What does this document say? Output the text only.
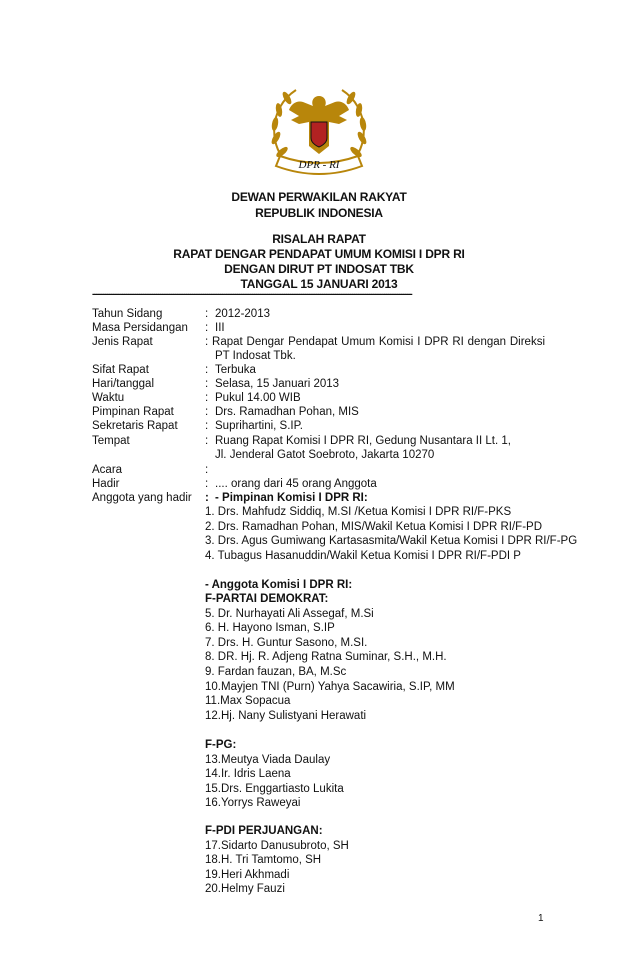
DPR - RI
DEWAN PERWAKILAN RAKYAT
REPUBLIK INDONESIA
RISALAH RAPAT
RAPAT DENGAR PENDAPAT UMUM KOMISI I DPR RI
DENGAN DIRUT PT INDOSAT TBK
TANGGAL 15 JANUARI 2013
------------------------------------------------------------------------------------------------------------------------------------------------------
Tahun Sidang	: 2012-2013
Masa Persidangan : III
Jenis Rapat	: Rapat Dengar Pendapat Umum Komisi I DPR RI dengan Direksi
PT Indosat Tbk.
Sifat Rapat	: Terbuka
Hari/tanggal	: Selasa, 15 Januari 2013
Waktu	: Pukul 14.00 WIB
Pimpinan Rapat	: Drs. Ramadhan Pohan, MIS
Sekretaris Rapat : Suprihartini, S.IP.
Tempat	: Ruang Rapat Komisi I DPR RI, Gedung Nusantara II Lt. 1,
Jl. Jenderal Gatot Soebroto, Jakarta 10270
Acara	:
Hadir	: .... orang dari 45 orang Anggota
Anggota yang hadir : - Pimpinan Komisi I DPR RI:
1. Drs. Mahfudz Siddiq, M.SI /Ketua Komisi I DPR RI/F-PKS
2. Drs. Ramadhan Pohan, MIS/Wakil Ketua Komisi I DPR RI/F-PD
3. Drs. Agus Gumiwang Kartasasmita/Wakil Ketua Komisi I DPR RI/F-PG
4. Tubagus Hasanuddin/Wakil Ketua Komisi I DPR RI/F-PDI P
- Anggota Komisi I DPR RI:
F-PARTAI DEMOKRAT:
5. Dr. Nurhayati Ali Assegaf, M.Si
6. H. Hayono Isman, S.IP
7. Drs. H. Guntur Sasono, M.SI.
8. DR. Hj. R. Adjeng Ratna Suminar, S.H., M.H.
9. Fardan fauzan, BA, M.Sc
10.Mayjen TNI (Purn) Yahya Sacawiria, S.IP, MM
11.Max Sopacua
12.Hj. Nany Sulistyani Herawati
F-PG:
13.Meutya Viada Daulay
14.Ir. Idris Laena
15.Drs. Enggartiasto Lukita
16.Yorrys Raweyai
F-PDI PERJUANGAN:
17.Sidarto Danusubroto, SH
18.H. Tri Tamtomo, SH
19.Heri Akhmadi
20.Helmy Fauzi
1
